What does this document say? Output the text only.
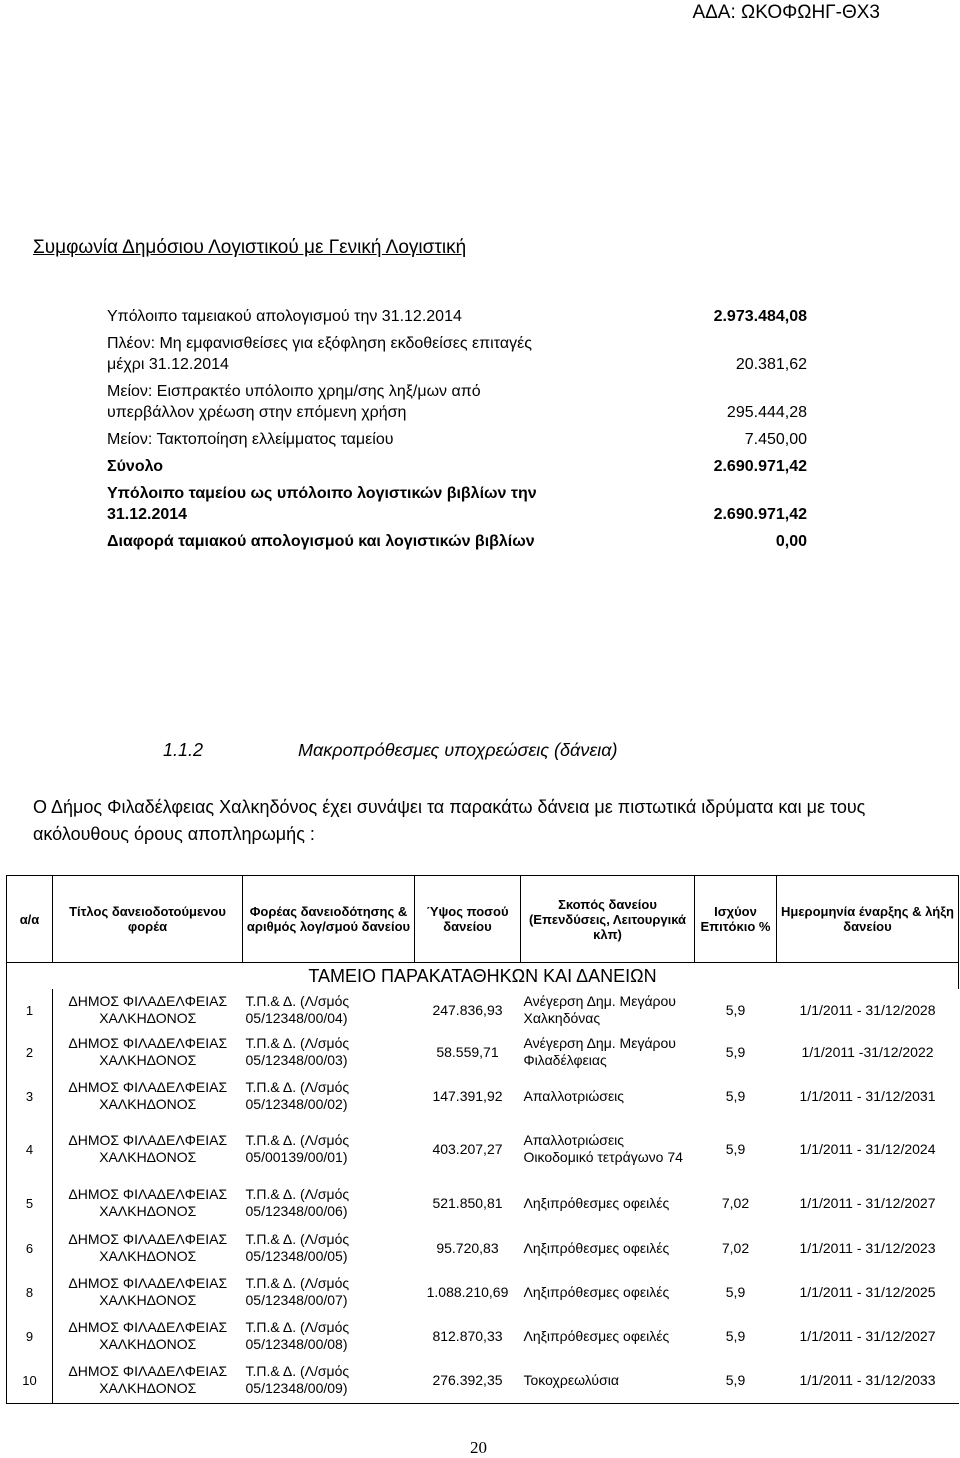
ΑΔΑ: ΩΚΟΦΩΗΓ-ΘΧ3
Συμφωνία Δημόσιου Λογιστικού με Γενική Λογιστική
Υπόλοιπο ταμειακού απολογισμού την 31.12.2014	2.973.484,08
Πλέον: Μη εμφανισθείσες για εξόφληση εκδοθείσες επιταγές μέχρι 31.12.2014	20.381,62
Μείον: Εισπρακτέο υπόλοιπο χρημ/σης ληξ/μων από υπερβάλλον χρέωση στην επόμενη χρήση	295.444,28
Μείον: Τακτοποίηση ελλείμματος ταμείου	7.450,00
Σύνολο	2.690.971,42
Υπόλοιπο ταμείου ως υπόλοιπο λογιστικών βιβλίων την 31.12.2014	2.690.971,42
Διαφορά ταμιακού απολογισμού και λογιστικών βιβλίων	0,00
1.1.2	Μακροπρόθεσμες υποχρεώσεις (δάνεια)
Ο Δήμος Φιλαδέλφειας Χαλκηδόνος έχει συνάψει τα παρακάτω δάνεια με πιστωτικά ιδρύματα και με τους ακόλουθους όρους αποπληρωμής :
α/α	Τίτλος δανειοδοτούμενου φορέα	Φορέας δανειοδότησης & αριθμός λογ/σμού δανείου	Ύψος ποσού δανείου	Σκοπός δανείου (Επενδύσεις, Λειτουργικά κλπ)	Ισχύον Επιτόκιο %	Ημερομηνία έναρξης & λήξη δανείου
ΤΑΜΕΙΟ ΠΑΡΑΚΑΤΑΘΗΚΩΝ ΚΑΙ ΔΑΝΕΙΩΝ						
1	ΔΗΜΟΣ ΦΙΛΑΔΕΛΦΕΙΑΣ ΧΑΛΚΗΔΟΝΟΣ	Τ.Π.& Δ. (Λ/σμός 05/12348/00/04)	247.836,93	Ανέγερση Δημ. Μεγάρου Χαλκηδόνας	5,9	1/1/2011 - 31/12/2028
2	ΔΗΜΟΣ ΦΙΛΑΔΕΛΦΕΙΑΣ ΧΑΛΚΗΔΟΝΟΣ	Τ.Π.& Δ. (Λ/σμός 05/12348/00/03)	58.559,71	Ανέγερση Δημ. Μεγάρου Φιλαδέλφειας	5,9	1/1/2011 -31/12/2022
3	ΔΗΜΟΣ ΦΙΛΑΔΕΛΦΕΙΑΣ ΧΑΛΚΗΔΟΝΟΣ	Τ.Π.& Δ. (Λ/σμός 05/12348/00/02)	147.391,92	Απαλλοτριώσεις	5,9	1/1/2011 - 31/12/2031
4	ΔΗΜΟΣ ΦΙΛΑΔΕΛΦΕΙΑΣ ΧΑΛΚΗΔΟΝΟΣ	Τ.Π.& Δ. (Λ/σμός 05/00139/00/01)	403.207,27	Απαλλοτριώσεις Οικοδομικό τετράγωνο 74	5,9	1/1/2011 - 31/12/2024
5	ΔΗΜΟΣ ΦΙΛΑΔΕΛΦΕΙΑΣ ΧΑΛΚΗΔΟΝΟΣ	Τ.Π.& Δ. (Λ/σμός 05/12348/00/06)	521.850,81	Ληξιπρόθεσμες οφειλές	7,02	1/1/2011 - 31/12/2027
6	ΔΗΜΟΣ ΦΙΛΑΔΕΛΦΕΙΑΣ ΧΑΛΚΗΔΟΝΟΣ	Τ.Π.& Δ. (Λ/σμός 05/12348/00/05)	95.720,83	Ληξιπρόθεσμες οφειλές	7,02	1/1/2011 - 31/12/2023
8	ΔΗΜΟΣ ΦΙΛΑΔΕΛΦΕΙΑΣ ΧΑΛΚΗΔΟΝΟΣ	Τ.Π.& Δ. (Λ/σμός 05/12348/00/07)	1.088.210,69	Ληξιπρόθεσμες οφειλές	5,9	1/1/2011 - 31/12/2025
9	ΔΗΜΟΣ ΦΙΛΑΔΕΛΦΕΙΑΣ ΧΑΛΚΗΔΟΝΟΣ	Τ.Π.& Δ. (Λ/σμός 05/12348/00/08)	812.870,33	Ληξιπρόθεσμες οφειλές	5,9	1/1/2011 - 31/12/2027
10	ΔΗΜΟΣ ΦΙΛΑΔΕΛΦΕΙΑΣ ΧΑΛΚΗΔΟΝΟΣ	Τ.Π.& Δ. (Λ/σμός 05/12348/00/09)	276.392,35	Τοκοχρεωλύσια	5,9	1/1/2011 - 31/12/2033
20
